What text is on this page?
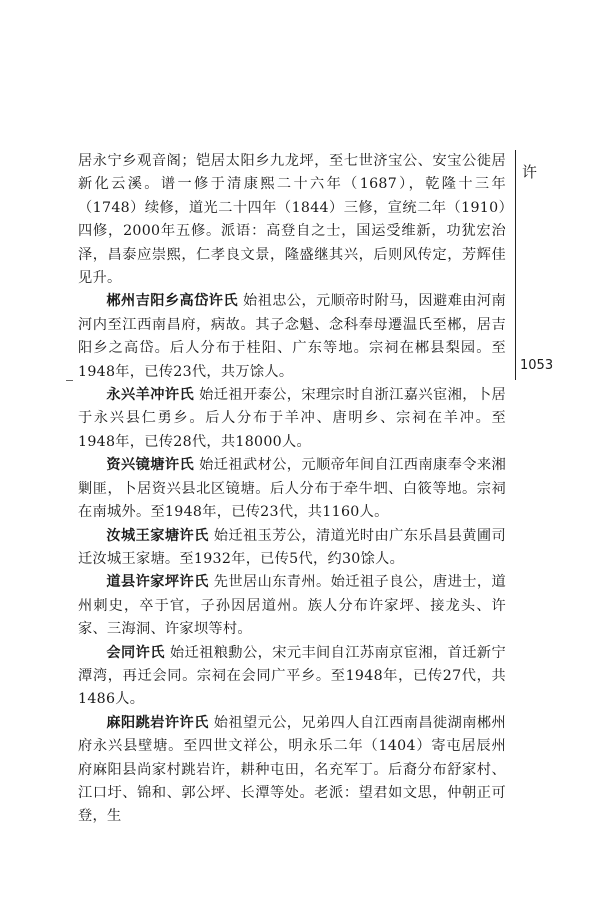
许
1053

居永宁乡观音阁；铠居太阳乡九龙坪，至七世济宝公、安宝公徙居新化云溪。谱一修于清康熙二十六年（1687），乾隆十三年（1748）续修，道光二十四年（1844）三修，宣统二年（1910）四修，2000年五修。派语：高登自之士，国运受维新，功犹宏治泽，昌泰应崇熙，仁孝良文景，隆盛继其兴，后则风传定，芳辉佳见升。

郴州吉阳乡高岱许氏 始祖忠公，元顺帝时附马，因避难由河南河内至江西南昌府，病故。其子念魁、念科奉母遷温氏至郴，居吉阳乡之高岱。后人分布于桂阳、广东等地。宗祠在郴县梨园。至1948年，已传23代，共万馀人。

永兴羊冲许氏 始迁祖开泰公，宋理宗时自浙江嘉兴宦湘，卜居于永兴县仁勇乡。后人分布于羊冲、唐明乡、宗祠在羊冲。至1948年，已传28代，共18000人。

资兴镜塘许氏 始迁祖武材公，元顺帝年间自江西南康奉令来湘剿匪，卜居资兴县北区镜塘。后人分布于牵牛垇、白筱等地。宗祠在南城外。至1948年，已传23代，共1160人。

汝城王家塘许氏 始迁祖玉芳公，清道光时由广东乐昌县黄圃司迁汝城王家塘。至1932年，已传5代，约30馀人。

道县许家坪许氏 先世居山东青州。始迁祖子良公，唐进士，道州刺史，卒于官，子孙因居道州。族人分布许家坪、接龙头、许家、三海洞、许家坝等村。

会同许氏 始迁祖粮勳公，宋元丰间自江苏南京宦湘，首迁新宁潭湾，再迁会同。宗祠在会同广平乡。至1948年，已传27代，共1486人。

麻阳跳岩许许氏 始祖望元公，兄弟四人自江西南昌徙湖南郴州府永兴县壁塘。至四世文祥公，明永乐二年（1404）寄屯居辰州府麻阳县尚家村跳岩许，耕种屯田，名充军丁。后裔分布舒家村、江口圩、锦和、郭公坪、长潭等处。老派：望君如文思，仲朝正可登，生
